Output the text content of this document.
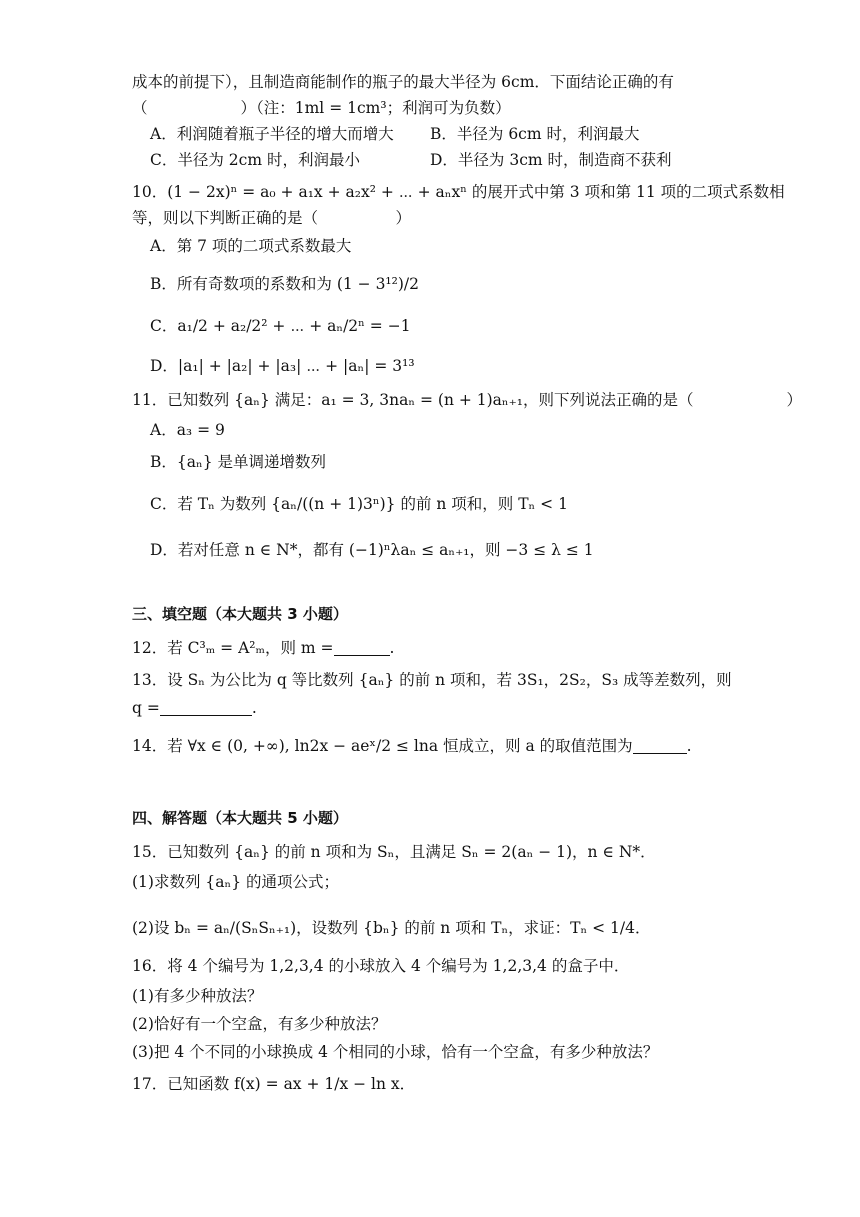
成本的前提下），且制造商能制作的瓶子的最大半径为 6cm．下面结论正确的有
（　　　　　　）（注：1ml = 1cm³；利润可为负数）
A．利润随着瓶子半径的增大而增大	B．半径为 6cm 时，利润最大
C．半径为 2cm 时，利润最小	D．半径为 3cm 时，制造商不获利
10．(1 − 2x)ⁿ = a₀ + a₁x + a₂x² + ⋯ + aₙxⁿ 的展开式中第 3 项和第 11 项的二项式系数相
等，则以下判断正确的是（　　　　　）
A．第 7 项的二项式系数最大
B．所有奇数项的系数和为 (1 − 3¹²)/2
C．a₁/2 + a₂/2² + ⋯ + aₙ/2ⁿ = −1
D．|a₁| + |a₂| + |a₃| ⋯ + |aₙ| = 3¹³
11．已知数列 {aₙ} 满足：a₁ = 3, 3naₙ = (n + 1)aₙ₊₁，则下列说法正确的是（　　　　　　）
A．a₃ = 9
B．{aₙ} 是单调递增数列
C．若 Tₙ 为数列 {aₙ/((n + 1)3ⁿ)} 的前 n 项和，则 Tₙ < 1
D．若对任意 n ∈ N*，都有 (−1)ⁿλaₙ ≤ aₙ₊₁，则 −3 ≤ λ ≤ 1
三、填空题（本大题共 3 小题）
12．若 C³ₘ = A²ₘ，则 m =	.
13．设 Sₙ 为公比为 q 等比数列 {aₙ} 的前 n 项和，若 3S₁，2S₂，S₃ 成等差数列，则
q =	.
14．若 ∀x ∈ (0, +∞), ln2x − aeˣ/2 ≤ lna 恒成立，则 a 的取值范围为	.
四、解答题（本大题共 5 小题）
15．已知数列 {aₙ} 的前 n 项和为 Sₙ，且满足 Sₙ = 2(aₙ − 1)，n ∈ N*．
(1)求数列 {aₙ} 的通项公式；
(2)设 bₙ = aₙ/(SₙSₙ₊₁)，设数列 {bₙ} 的前 n 项和 Tₙ，求证：Tₙ < 1/4．
16．将 4 个编号为 1,2,3,4 的小球放入 4 个编号为 1,2,3,4 的盒子中．
(1)有多少种放法？
(2)恰好有一个空盒，有多少种放法？
(3)把 4 个不同的小球换成 4 个相同的小球，恰有一个空盒，有多少种放法？
17．已知函数 f(x) = ax + 1/x − ln x．
